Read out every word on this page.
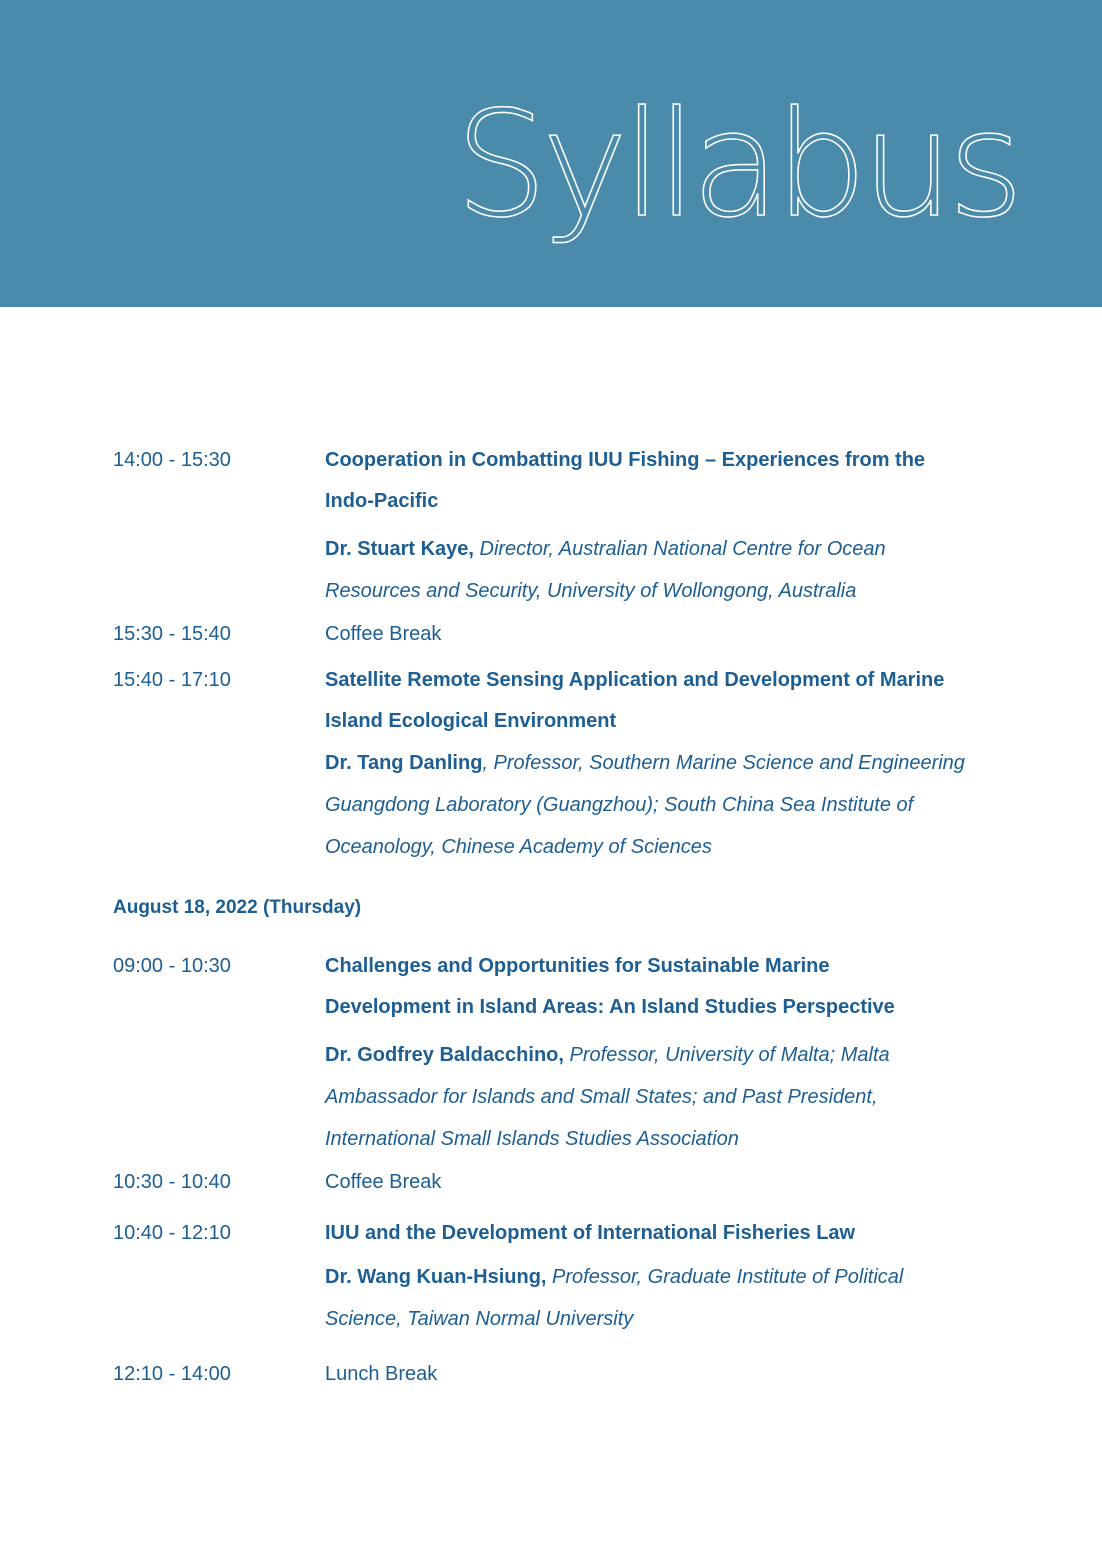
Syllabus
14:00 - 15:30	Cooperation in Combatting IUU Fishing – Experiences from the Indo-Pacific
Dr. Stuart Kaye, Director, Australian National Centre for Ocean Resources and Security, University of Wollongong, Australia
15:30 - 15:40	Coffee Break
15:40 - 17:10	Satellite Remote Sensing Application and Development of Marine Island Ecological Environment
Dr. Tang Danling, Professor, Southern Marine Science and Engineering Guangdong Laboratory (Guangzhou); South China Sea Institute of Oceanology, Chinese Academy of Sciences
August 18, 2022 (Thursday)
09:00 - 10:30	Challenges and Opportunities for Sustainable Marine Development in Island Areas: An Island Studies Perspective
Dr. Godfrey Baldacchino, Professor, University of Malta; Malta Ambassador for Islands and Small States; and Past President, International Small Islands Studies Association
10:30 - 10:40	Coffee Break
10:40 - 12:10	IUU and the Development of International Fisheries Law
Dr. Wang Kuan-Hsiung, Professor, Graduate Institute of Political Science, Taiwan Normal University
12:10 - 14:00	Lunch Break
